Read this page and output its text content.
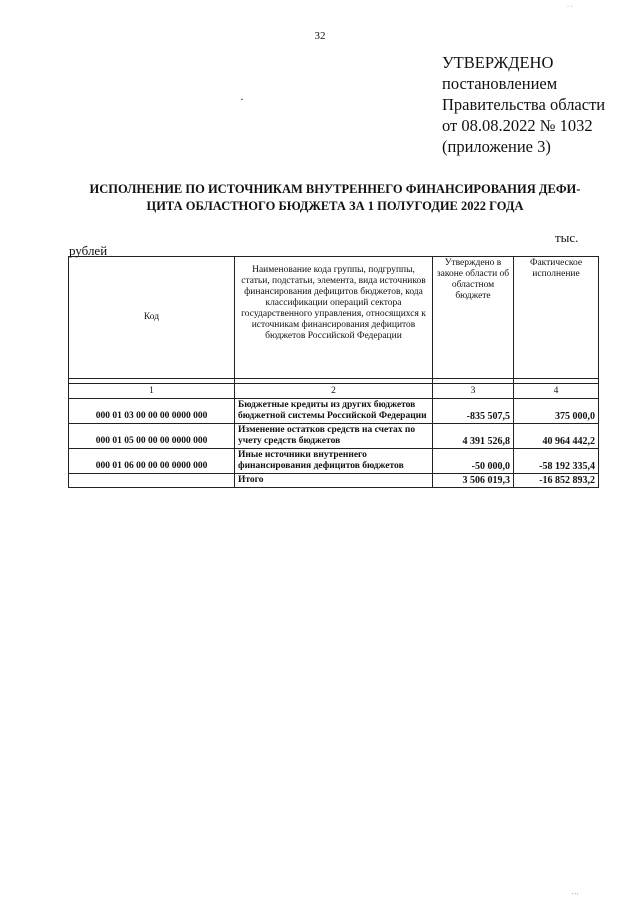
32
УТВЕРЖДЕНО
постановлением
Правительства области
от 08.08.2022 № 1032
(приложение 3)
·
ИСПОЛНЕНИЕ ПО ИСТОЧНИКАМ ВНУТРЕННЕГО ФИНАНСИРОВАНИЯ ДЕФИ-
ЦИТА ОБЛАСТНОГО БЮДЖЕТА ЗА 1 ПОЛУГОДИЕ 2022 ГОДА
тыс.
рублей
Код	Наименование кода группы, подгруппы, статьи, подстатьи, элемента, вида источников финансирования дефицитов бюджетов, кода классификации операций сектора государственного управления, относящихся к источникам финансирования дефицитов бюджетов Российской Федерации	Утверждено в законе области об областном бюджете	Фактическое исполнение

1	2	3	4
000 01 03 00 00 00 0000 000	Бюджетные кредиты из других бюджетов бюджетной системы Российской Федерации	-835 507,5	375 000,0
000 01 05 00 00 00 0000 000	Изменение остатков средств на счетах по учету средств бюджетов	4 391 526,8	40 964 442,2
000 01 06 00 00 00 0000 000	Иные источники внутреннего финансирования дефицитов бюджетов	-50 000,0	-58 192 335,4
	Итого	3 506 019,3	-16 852 893,2
· ·
' ' '
